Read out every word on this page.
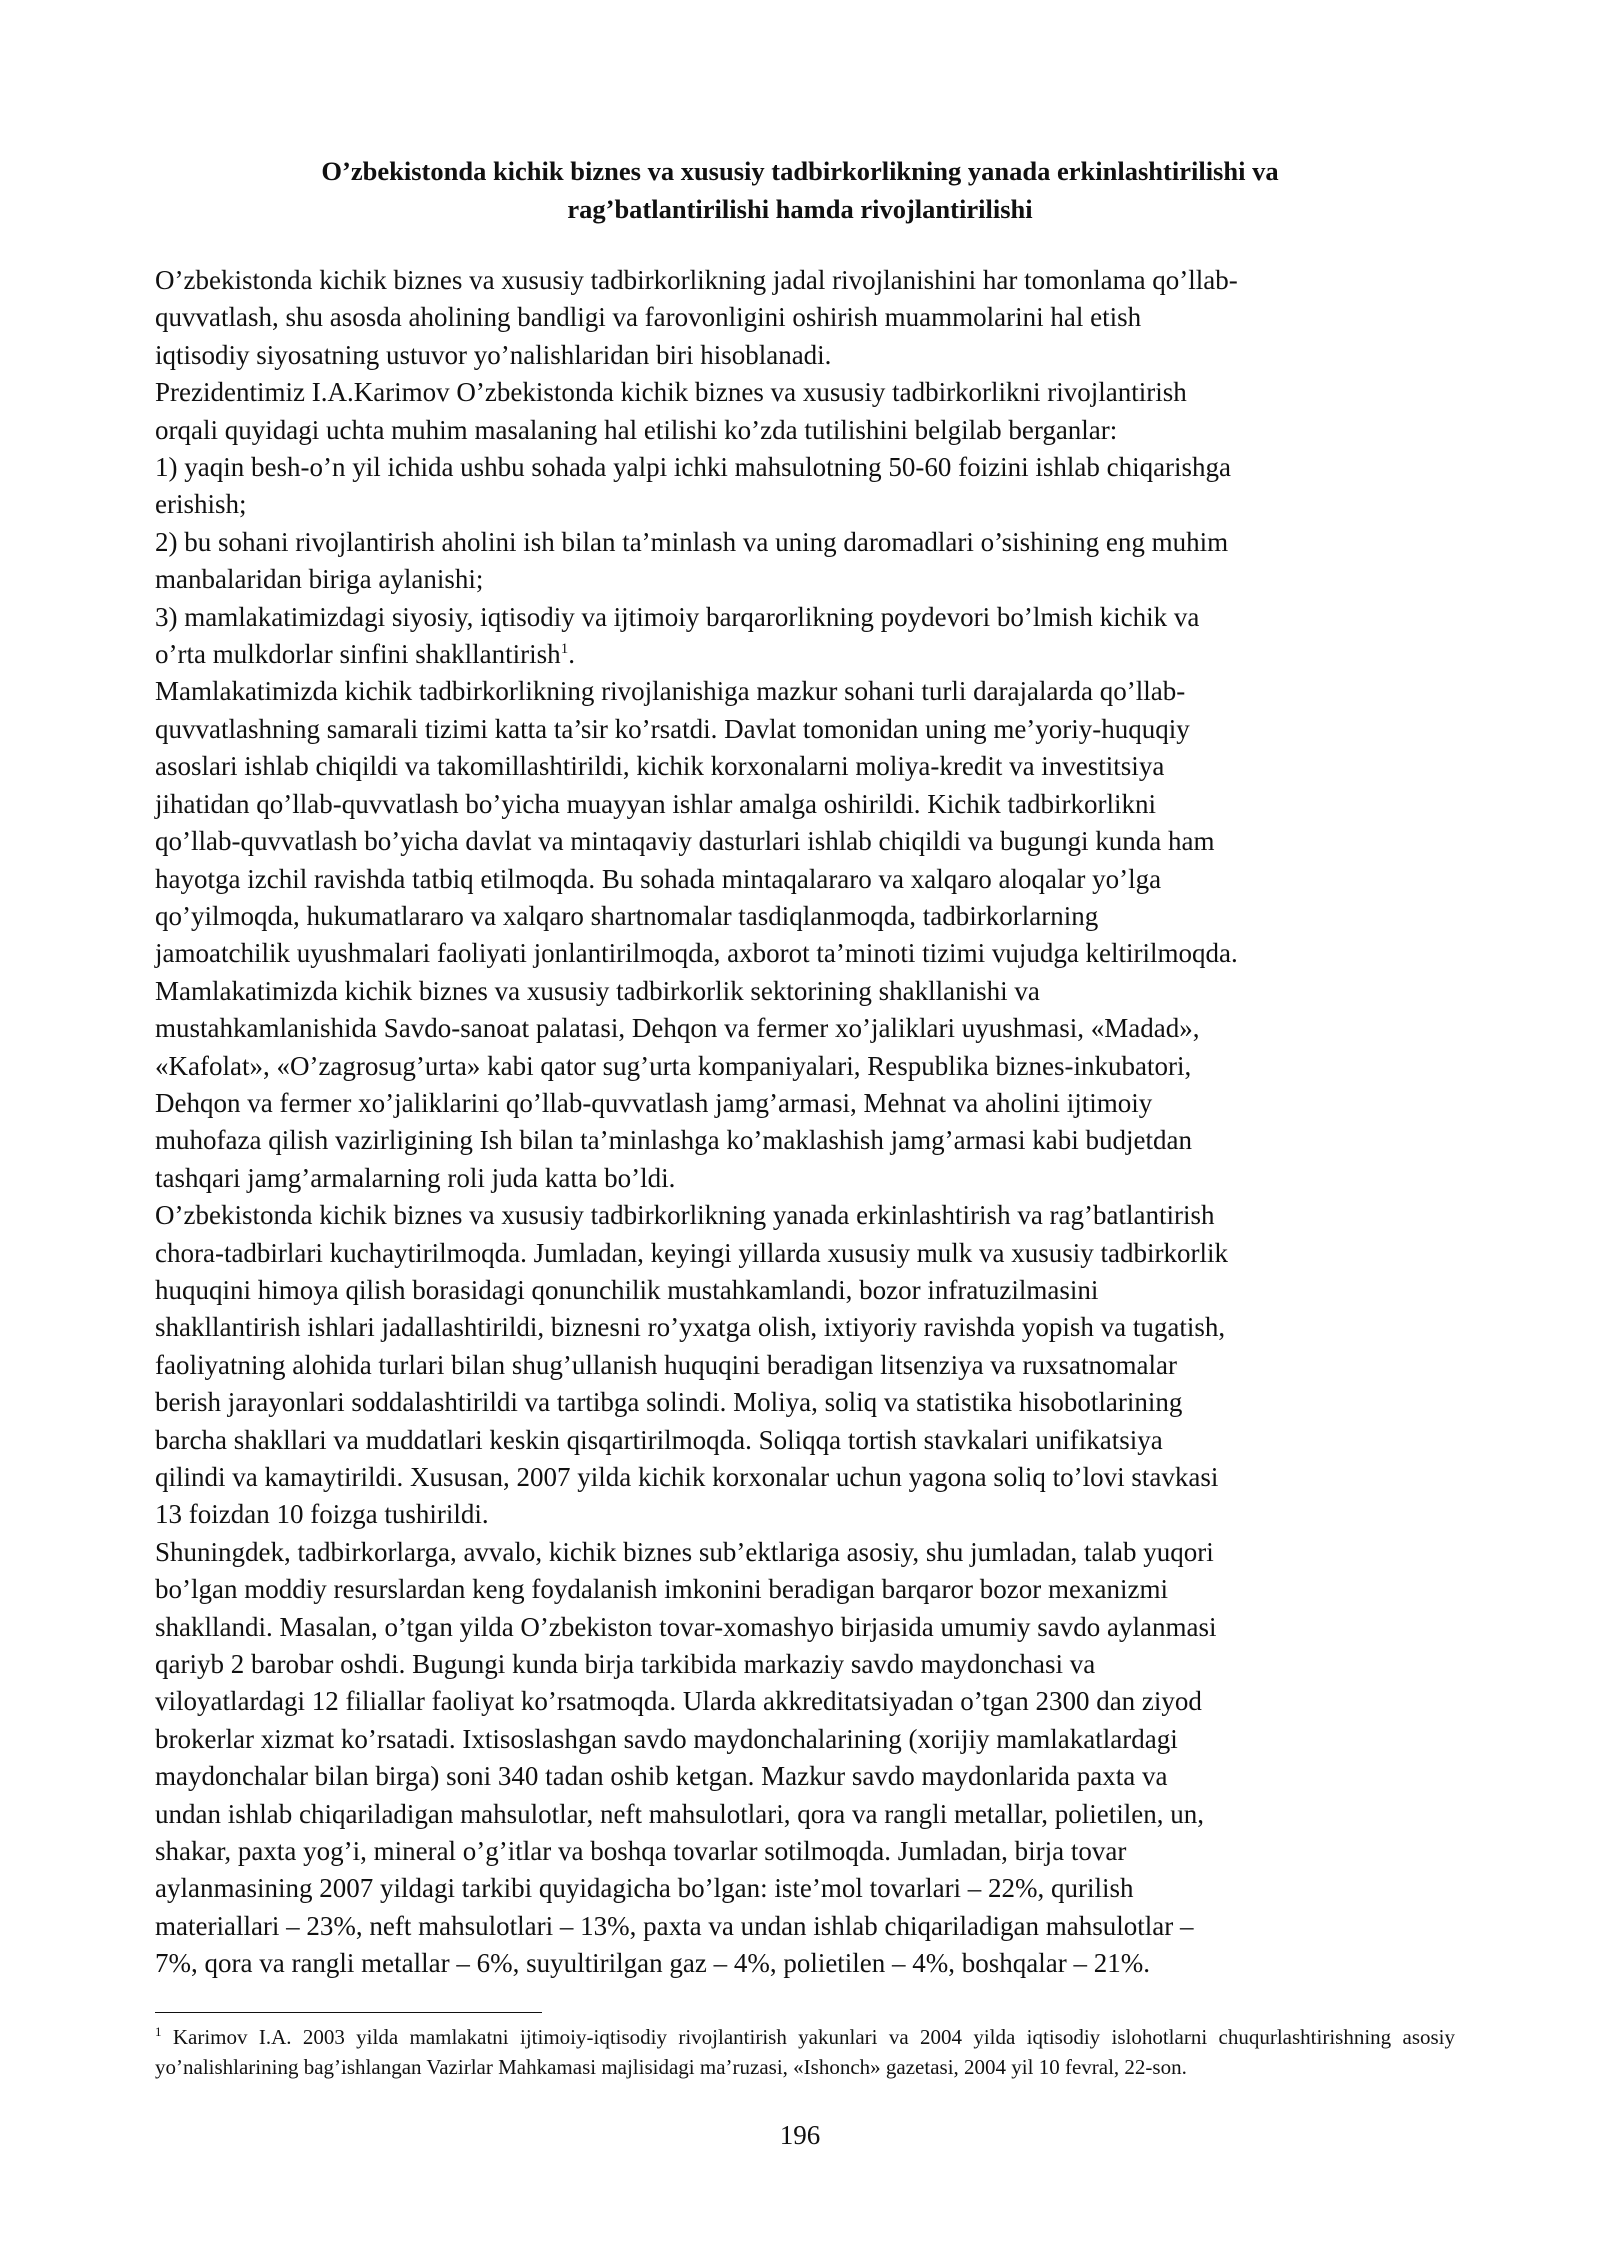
O’zbekistonda kichik biznes va xususiy tadbirkorlikning yanada erkinlashtirilishi va
rag’batlantirilishi hamda rivojlantirilishi

O’zbekistonda kichik biznes va xususiy tadbirkorlikning jadal rivojlanishini har tomonlama qo’llab-
quvvatlash, shu asosda aholining bandligi va farovonligini oshirish muammolarini hal etish
iqtisodiy siyosatning ustuvor yo’nalishlaridan biri hisoblanadi.

Prezidentimiz I.A.Karimov O’zbekistonda kichik biznes va xususiy tadbirkorlikni rivojlantirish
orqali quyidagi uchta muhim masalaning hal etilishi ko’zda tutilishini belgilab berganlar:

1) yaqin besh-o’n yil ichida ushbu sohada yalpi ichki mahsulotning 50-60 foizini ishlab chiqarishga
erishish;

2) bu sohani rivojlantirish aholini ish bilan ta’minlash va uning daromadlari o’sishining eng muhim
manbalaridan biriga aylanishi;

3) mamlakatimizdagi siyosiy, iqtisodiy va ijtimoiy barqarorlikning poydevori bo’lmish kichik va
o’rta mulkdorlar sinfini shakllantirish$^1$.

Mamlakatimizda kichik tadbirkorlikning rivojlanishiga mazkur sohani turli darajalarda qo’llab-
quvvatlashning samarali tizimi katta ta’sir ko’rsatdi. Davlat tomonidan uning me’yoriy-huquqiy
asoslari ishlab chiqildi va takomillashtirildi, kichik korxonalarni moliya-kredit va investitsiya
jihatidan qo’llab-quvvatlash bo’yicha muayyan ishlar amalga oshirildi. Kichik tadbirkorlikni
qo’llab-quvvatlash bo’yicha davlat va mintaqaviy dasturlari ishlab chiqildi va bugungi kunda ham
hayotga izchil ravishda tatbiq etilmoqda. Bu sohada mintaqalararo va xalqaro aloqalar yo’lga
qo’yilmoqda, hukumatlararo va xalqaro shartnomalar tasdiqlanmoqda, tadbirkorlarning
jamoatchilik uyushmalari faoliyati jonlantirilmoqda, axborot ta’minoti tizimi vujudga keltirilmoqda.

Mamlakatimizda kichik biznes va xususiy tadbirkorlik sektorining shakllanishi va
mustahkamlanishida Savdo-sanoat palatasi, Dehqon va fermer xo’jaliklari uyushmasi, «Madad»,
«Kafolat», «O’zagrosug’urta» kabi qator sug’urta kompaniyalari, Respublika biznes-inkubatori,
Dehqon va fermer xo’jaliklarini qo’llab-quvvatlash jamg’armasi, Mehnat va aholini ijtimoiy
muhofaza qilish vazirligining Ish bilan ta’minlashga ko’maklashish jamg’armasi kabi budjetdan
tashqari jamg’armalarning roli juda katta bo’ldi.

O’zbekistonda kichik biznes va xususiy tadbirkorlikning yanada erkinlashtirish va rag’batlantirish
chora-tadbirlari kuchaytirilmoqda. Jumladan, keyingi yillarda xususiy mulk va xususiy tadbirkorlik
huquqini himoya qilish borasidagi qonunchilik mustahkamlandi, bozor infratuzilmasini
shakllantirish ishlari jadallashtirildi, biznesni ro’yxatga olish, ixtiyoriy ravishda yopish va tugatish,
faoliyatning alohida turlari bilan shug’ullanish huquqini beradigan litsenziya va ruxsatnomalar
berish jarayonlari soddalashtirildi va tartibga solindi. Moliya, soliq va statistika hisobotlarining
barcha shakllari va muddatlari keskin qisqartirilmoqda. Soliqqa tortish stavkalari unifikatsiya
qilindi va kamaytirildi. Xususan, 2007 yilda kichik korxonalar uchun yagona soliq to’lovi stavkasi
13 foizdan 10 foizga tushirildi.

Shuningdek, tadbirkorlarga, avvalo, kichik biznes sub’ektlariga asosiy, shu jumladan, talab yuqori
bo’lgan moddiy resurslardan keng foydalanish imkonini beradigan barqaror bozor mexanizmi
shakllandi. Masalan, o’tgan yilda O’zbekiston tovar-xomashyo birjasida umumiy savdo aylanmasi
qariyb 2 barobar oshdi. Bugungi kunda birja tarkibida markaziy savdo maydonchasi va
viloyatlardagi 12 filiallar faoliyat ko’rsatmoqda. Ularda akkreditatsiyadan o’tgan 2300 dan ziyod
brokerlar xizmat ko’rsatadi. Ixtisoslashgan savdo maydonchalarining (xorijiy mamlakatlardagi
maydonchalar bilan birga) soni 340 tadan oshib ketgan. Mazkur savdo maydonlarida paxta va
undan ishlab chiqariladigan mahsulotlar, neft mahsulotlari, qora va rangli metallar, polietilen, un,
shakar, paxta yog’i, mineral o’g’itlar va boshqa tovarlar sotilmoqda. Jumladan, birja tovar
aylanmasining 2007 yildagi tarkibi quyidagicha bo’lgan: iste’mol tovarlari – 22%, qurilish
materiallari – 23%, neft mahsulotlari – 13%, paxta va undan ishlab chiqariladigan mahsulotlar –
7%, qora va rangli metallar – 6%, suyultirilgan gaz – 4%, polietilen – 4%, boshqalar – 21%.

$^1$ Karimov I.A. 2003 yilda mamlakatni ijtimoiy-iqtisodiy rivojlantirish yakunlari va 2004 yilda iqtisodiy islohotlarni chuqurlashtirishning asosiy yo’nalishlarining bag’ishlangan Vazirlar Mahkamasi majlisidagi ma’ruzasi, «Ishonch» gazetasi, 2004 yil 10 fevral, 22-son.
196
